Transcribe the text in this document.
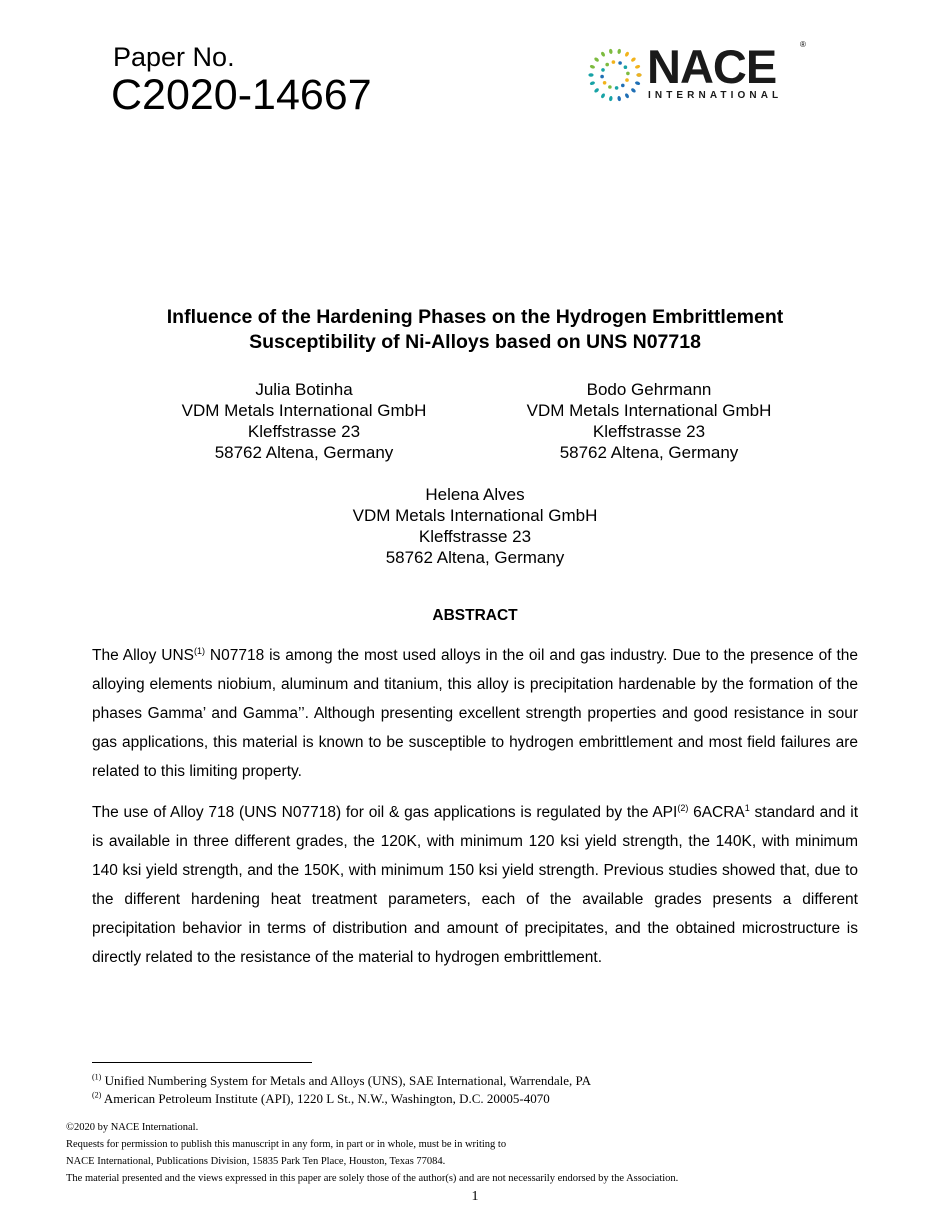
Paper No.
C2020-14667
NACE	®
INTERNATIONAL
Influence of the Hardening Phases on the Hydrogen Embrittlement
Susceptibility of Ni-Alloys based on UNS N07718
Julia Botinha
VDM Metals International GmbH
Kleffstrasse 23
58762 Altena, Germany
Bodo Gehrmann
VDM Metals International GmbH
Kleffstrasse 23
58762 Altena, Germany
Helena Alves
VDM Metals International GmbH
Kleffstrasse 23
58762 Altena, Germany
ABSTRACT
The Alloy UNS$^{(1)}$ N07718 is among the most used alloys in the oil and gas industry. Due to the presence of the alloying elements niobium, aluminum and titanium, this alloy is precipitation hardenable by the formation of the phases Gamma’ and Gamma’’. Although presenting excellent strength properties and good resistance in sour gas applications, this material is known to be susceptible to hydrogen embrittlement and most field failures are related to this limiting property.
The use of Alloy 718 (UNS N07718) for oil & gas applications is regulated by the API$^{(2)}$ 6ACRA$^1$ standard and it is available in three different grades, the 120K, with minimum 120 ksi yield strength, the 140K, with minimum 140 ksi yield strength, and the 150K, with minimum 150 ksi yield strength. Previous studies showed that, due to the different hardening heat treatment parameters, each of the available grades presents a different precipitation behavior in terms of distribution and amount of precipitates, and the obtained microstructure is directly related to the resistance of the material to hydrogen embrittlement.
$^{(1)}$ Unified Numbering System for Metals and Alloys (UNS), SAE International, Warrendale, PA
$^{(2)}$ American Petroleum Institute (API), 1220 L St., N.W., Washington, D.C. 20005-4070
©2020 by NACE International.
Requests for permission to publish this manuscript in any form, in part or in whole, must be in writing to
NACE International, Publications Division, 15835 Park Ten Place, Houston, Texas 77084.
The material presented and the views expressed in this paper are solely those of the author(s) and are not necessarily endorsed by the Association.
1
